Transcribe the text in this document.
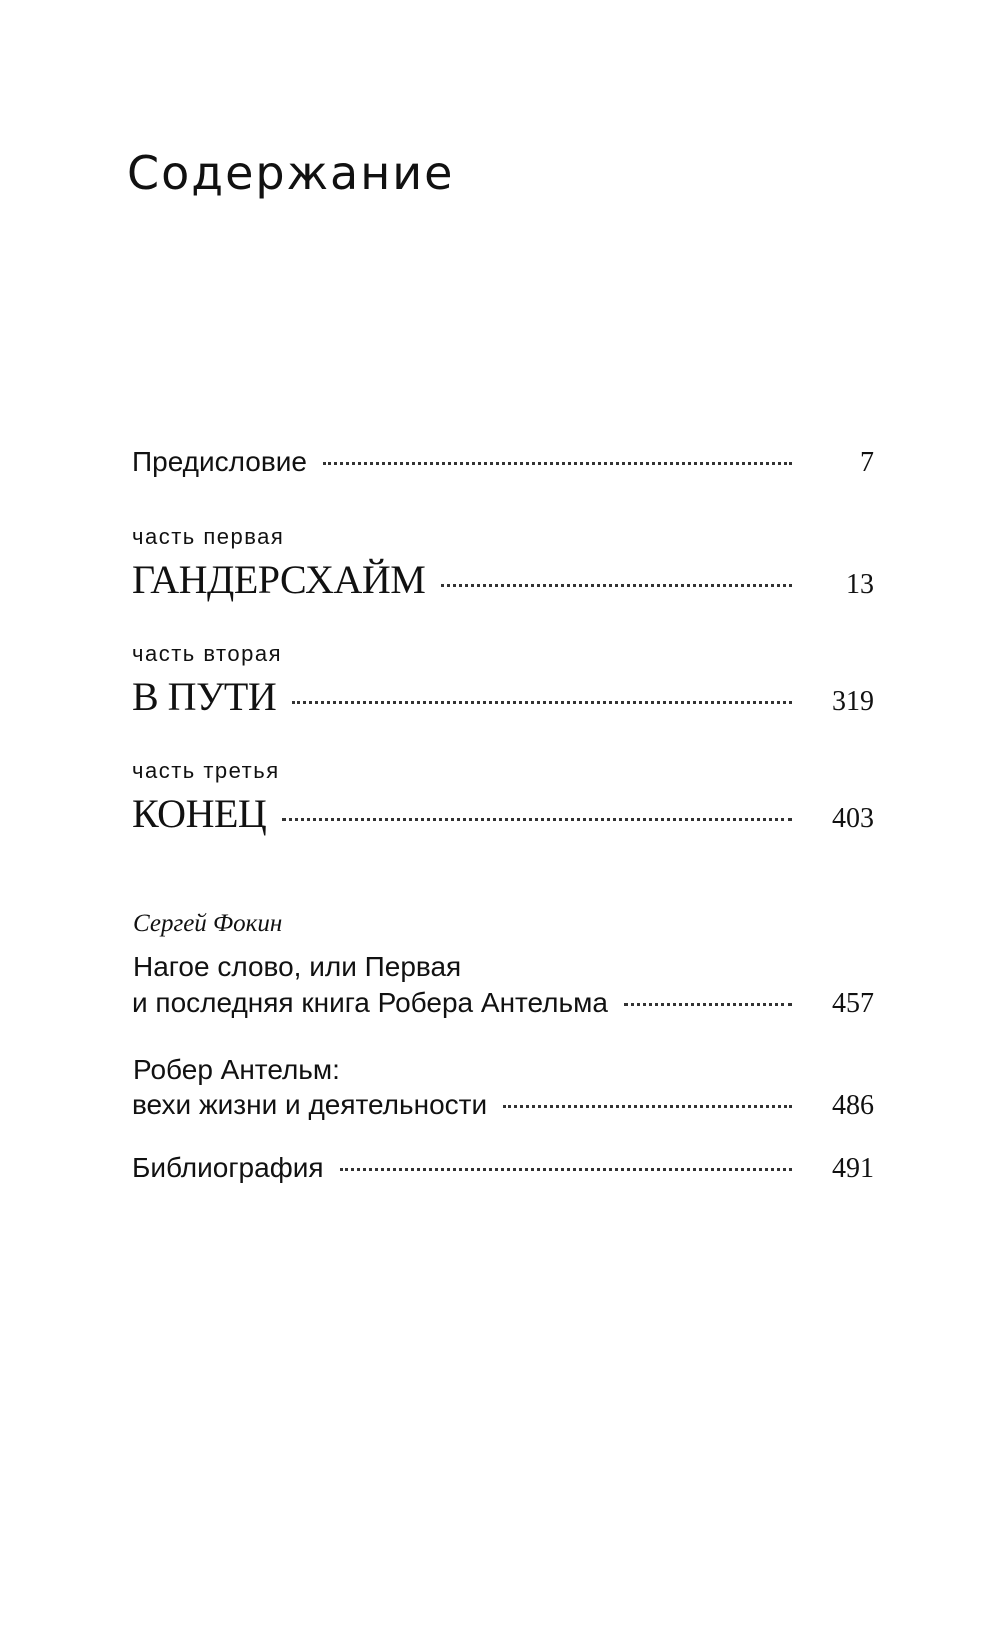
Содержание
Предисловие	7
часть первая
ГАНДЕРСХАЙМ	13
часть вторая
В ПУТИ	319
часть третья
КОНЕЦ	403
Сергей Фокин
Нагое слово, или Первая
и последняя книга Робера Антельма	457
Робер Антельм:
вехи жизни и деятельности	486
Библиография	491
